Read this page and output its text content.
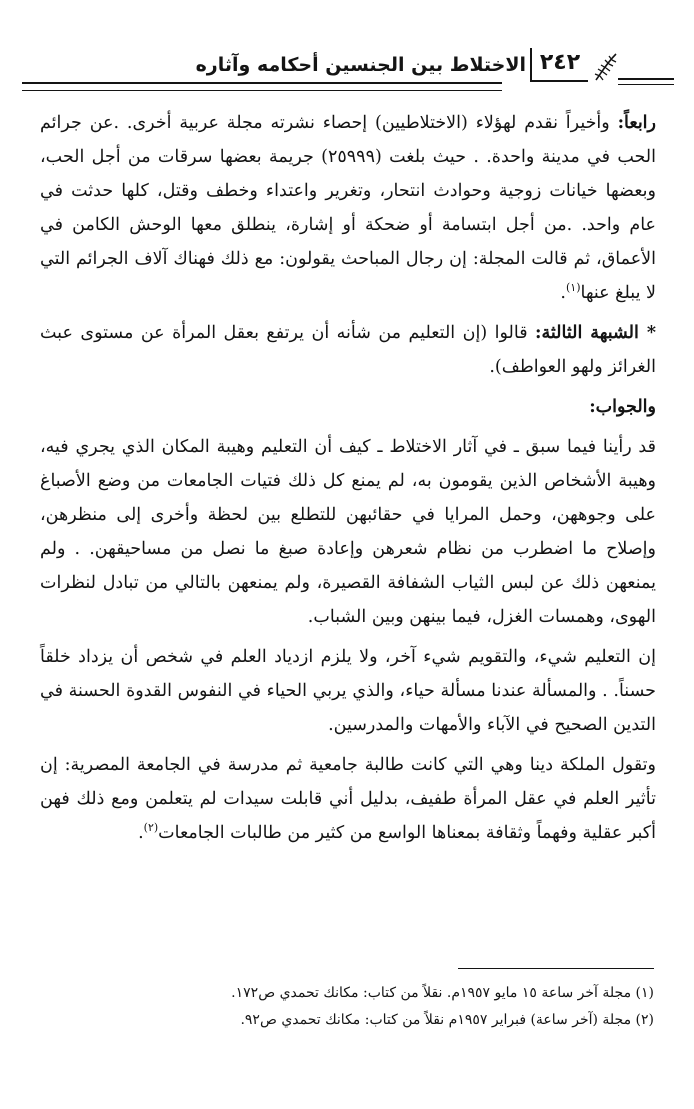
الاختلاط بين الجنسين أحكامه وآثاره ٢٤٢

رابعاً: وأخيراً نقدم لهؤلاء (الاختلاطيين) إحصاء نشرته مجلة عربية أخرى. .عن جرائم الحب في مدينة واحدة. . حيث بلغت (٢٥٩٩٩) جريمة بعضها سرقات من أجل الحب، وبعضها خيانات زوجية وحوادث انتحار، وتغرير واعتداء وخطف وقتل، كلها حدثت في عام واحد. .من أجل ابتسامة أو ضحكة أو إشارة، ينطلق معها الوحش الكامن في الأعماق، ثم قالت المجلة: إن رجال المباحث يقولون: مع ذلك فهناك آلاف الجرائم التي لا يبلغ عنها$^{(١)}$.

* الشبهة الثالثة: قالوا (إن التعليم من شأنه أن يرتفع بعقل المرأة عن مستوى عبث الغرائز ولهو العواطف).

والجواب:

قد رأينا فيما سبق ـ في آثار الاختلاط ـ كيف أن التعليم وهيبة المكان الذي يجري فيه، وهيبة الأشخاص الذين يقومون به، لم يمنع كل ذلك فتيات الجامعات من وضع الأصباغ على وجوههن، وحمل المرايا في حقائبهن للتطلع بين لحظة وأخرى إلى منظرهن، وإصلاح ما اضطرب من نظام شعرهن وإعادة صبغ ما نصل من مساحيقهن. . ولم يمنعهن ذلك عن لبس الثياب الشفافة القصيرة، ولم يمنعهن بالتالي من تبادل لنظرات الهوى، وهمسات الغزل، فيما بينهن وبين الشباب.

إن التعليم شيء، والتقويم شيء آخر، ولا يلزم ازدياد العلم في شخص أن يزداد خلقاً حسناً. . والمسألة عندنا مسألة حياء، والذي يربي الحياء في النفوس القدوة الحسنة في التدين الصحيح في الآباء والأمهات والمدرسين.

وتقول الملكة دينا وهي التي كانت طالبة جامعية ثم مدرسة في الجامعة المصرية: إن تأثير العلم في عقل المرأة طفيف، بدليل أني قابلت سيدات لم يتعلمن ومع ذلك فهن أكبر عقلية وفهماً وثقافة بمعناها الواسع من كثير من طالبات الجامعات$^{(٢)}$.

(١) مجلة آخر ساعة ١٥ مايو ١٩٥٧م. نقلاً من كتاب: مكانك تحمدي ص١٧٢.
(٢) مجلة (آخر ساعة) فبراير ١٩٥٧م نقلاً من كتاب: مكانك تحمدي ص٩٢.
